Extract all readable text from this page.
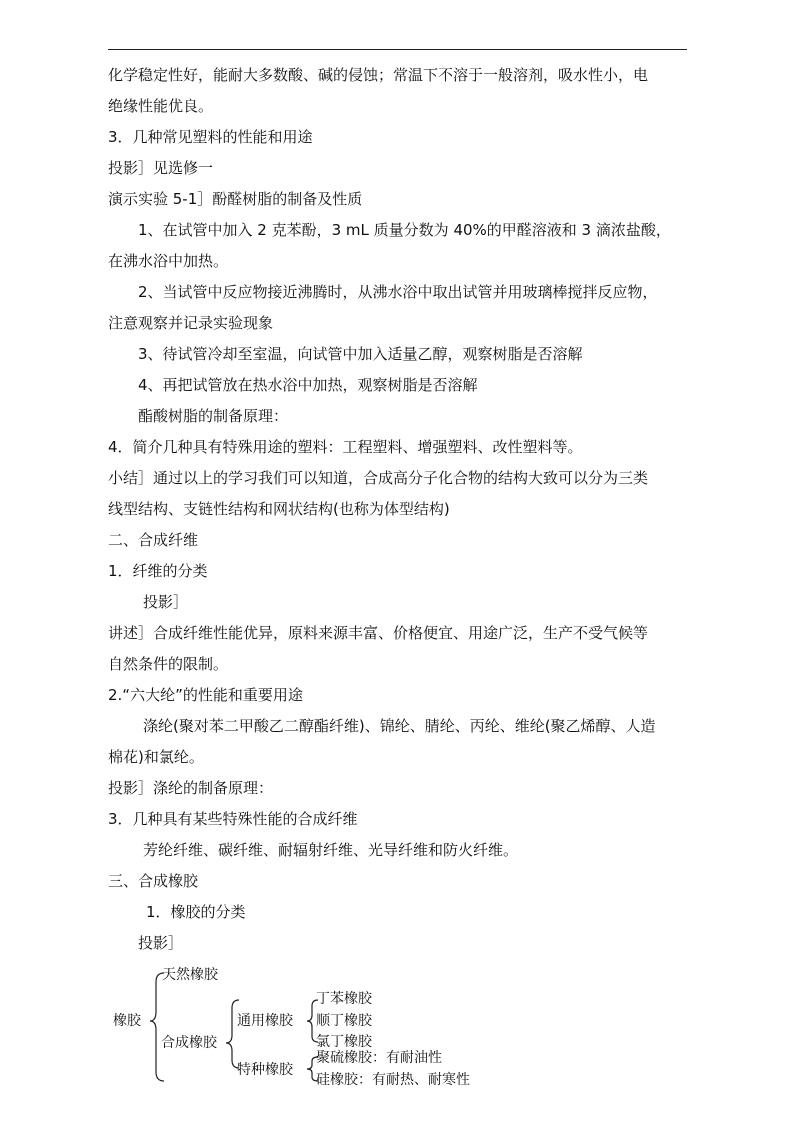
化学稳定性好，能耐大多数酸、碱的侵蚀；常温下不溶于一般溶剂，吸水性小，电
绝缘性能优良。
3．几种常见塑料的性能和用途
投影］见选修一
演示实验 5-1］酚醛树脂的制备及性质
1、在试管中加入 2 克苯酚，3 mL 质量分数为 40%的甲醛溶液和 3 滴浓盐酸，
在沸水浴中加热。
2、当试管中反应物接近沸腾时，从沸水浴中取出试管并用玻璃棒搅拌反应物，
注意观察并记录实验现象
3、待试管冷却至室温，向试管中加入适量乙醇，观察树脂是否溶解
4、再把试管放在热水浴中加热，观察树脂是否溶解
酯酸树脂的制备原理：
4．简介几种具有特殊用途的塑料：工程塑料、增强塑料、改性塑料等。
小结］通过以上的学习我们可以知道，合成高分子化合物的结构大致可以分为三类
线型结构、支链性结构和网状结构(也称为体型结构)
二、合成纤维
1．纤维的分类
投影］
讲述］合成纤维性能优异，原料来源丰富、价格便宜、用途广泛，生产不受气候等
自然条件的限制。
2.“六大纶”的性能和重要用途
涤纶(聚对苯二甲酸乙二醇酯纤维)、锦纶、腈纶、丙纶、维纶(聚乙烯醇、人造
棉花)和氯纶。
投影］涤纶的制备原理：
3．几种具有某些特殊性能的合成纤维
芳纶纤维、碳纤维、耐辐射纤维、光导纤维和防火纤维。
三、合成橡胶
1．橡胶的分类
投影］
橡胶
天然橡胶
合成橡胶
通用橡胶
丁苯橡胶
顺丁橡胶
氯丁橡胶
特种橡胶
聚硫橡胶：有耐油性
硅橡胶：有耐热、耐寒性
